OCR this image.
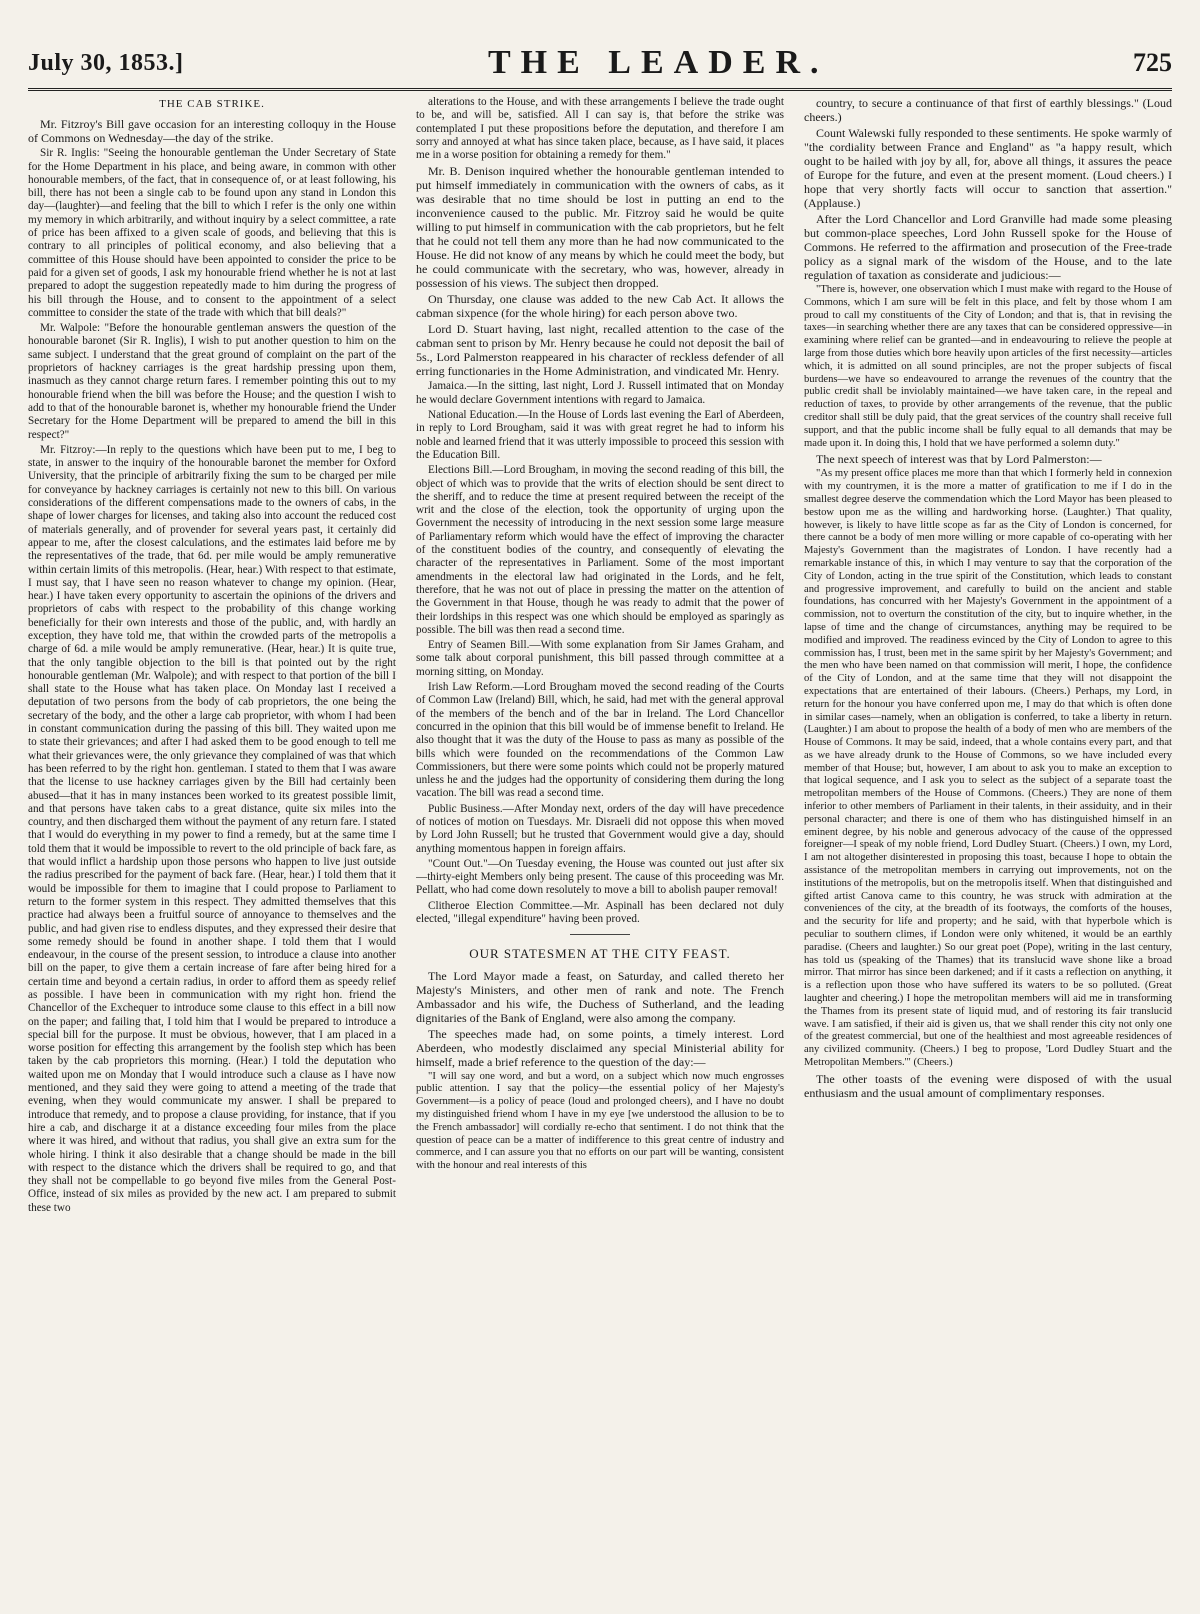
July 30, 1853.]	THE LEADER.	725
THE CAB STRIKE.

Mr. Fitzroy's Bill gave occasion for an interesting colloquy in the House of Commons on Wednesday—the day of the strike.

Sir R. Inglis: "Seeing the honourable gentleman the Under Secretary of State for the Home Department in his place, and being aware, in common with other honourable members, of the fact, that in consequence of, or at least following, his bill, there has not been a single cab to be found upon any stand in London this day—(laughter)—and feeling that the bill to which I refer is the only one within my memory in which arbitrarily, and without inquiry by a select committee, a rate of price has been affixed to a given scale of goods, and believing that this is contrary to all principles of political economy, and also believing that a committee of this House should have been appointed to consider the price to be paid for a given set of goods, I ask my honourable friend whether he is not at last prepared to adopt the suggestion repeatedly made to him during the progress of his bill through the House, and to consent to the appointment of a select committee to consider the state of the trade with which that bill deals?"

Mr. Walpole: "Before the honourable gentleman answers the question of the honourable baronet (Sir R. Inglis), I wish to put another question to him on the same subject. I understand that the great ground of complaint on the part of the proprietors of hackney carriages is the great hardship pressing upon them, inasmuch as they cannot charge return fares. I remember pointing this out to my honourable friend when the bill was before the House; and the question I wish to add to that of the honourable baronet is, whether my honourable friend the Under Secretary for the Home Department will be prepared to amend the bill in this respect?"

Mr. Fitzroy:—In reply to the questions which have been put to me, I beg to state, in answer to the inquiry of the honourable baronet the member for Oxford University, that the principle of arbitrarily fixing the sum to be charged per mile for conveyance by hackney carriages is certainly not new to this bill. On various considerations of the different compensations made to the owners of cabs, in the shape of lower charges for licenses, and taking also into account the reduced cost of materials generally, and of provender for several years past, it certainly did appear to me, after the closest calculations, and the estimates laid before me by the representatives of the trade, that 6d. per mile would be amply remunerative within certain limits of this metropolis. (Hear, hear.) With respect to that estimate, I must say, that I have seen no reason whatever to change my opinion. (Hear, hear.) I have taken every opportunity to ascertain the opinions of the drivers and proprietors of cabs with respect to the probability of this change working beneficially for their own interests and those of the public, and, with hardly an exception, they have told me, that within the crowded parts of the metropolis a charge of 6d. a mile would be amply remunerative. (Hear, hear.) It is quite true, that the only tangible objection to the bill is that pointed out by the right honourable gentleman (Mr. Walpole); and with respect to that portion of the bill I shall state to the House what has taken place. On Monday last I received a deputation of two persons from the body of cab proprietors, the one being the secretary of the body, and the other a large cab proprietor, with whom I had been in constant communication during the passing of this bill. They waited upon me to state their grievances; and after I had asked them to be good enough to tell me what their grievances were, the only grievance they complained of was that which has been referred to by the right hon. gentleman. I stated to them that I was aware that the license to use hackney carriages given by the Bill had certainly been abused—that it has in many instances been worked to its greatest possible limit, and that persons have taken cabs to a great distance, quite six miles into the country, and then discharged them without the payment of any return fare. I stated that I would do everything in my power to find a remedy, but at the same time I told them that it would be impossible to revert to the old principle of back fare, as that would inflict a hardship upon those persons who happen to live just outside the radius prescribed for the payment of back fare. (Hear, hear.) I told them that it would be impossible for them to imagine that I could propose to Parliament to return to the former system in this respect. They admitted themselves that this practice had always been a fruitful source of annoyance to themselves and the public, and had given rise to endless disputes, and they expressed their desire that some remedy should be found in another shape. I told them that I would endeavour, in the course of the present session, to introduce a clause into another bill on the paper, to give them a certain increase of fare after being hired for a certain time and beyond a certain radius, in order to afford them as speedy relief as possible. I have been in communication with my right hon. friend the Chancellor of the Exchequer to introduce some clause to this effect in a bill now on the paper; and failing that, I told him that I would be prepared to introduce a special bill for the purpose. It must be obvious, however, that I am placed in a worse position for effecting this arrangement by the foolish step which has been taken by the cab proprietors this morning. (Hear.) I told the deputation who waited upon me on Monday that I would introduce such a clause as I have now mentioned, and they said they were going to attend a meeting of the trade that evening, when they would communicate my answer. I shall be prepared to introduce that remedy, and to propose a clause providing, for instance, that if you hire a cab, and discharge it at a distance exceeding four miles from the place where it was hired, and without that radius, you shall give an extra sum for the whole hiring. I think it also desirable that a change should be made in the bill with respect to the distance which the drivers shall be required to go, and that they shall not be compellable to go beyond five miles from the General Post-Office, instead of six miles as provided by the new act. I am prepared to submit these two

alterations to the House, and with these arrangements I believe the trade ought to be, and will be, satisfied. All I can say is, that before the strike was contemplated I put these propositions before the deputation, and therefore I am sorry and annoyed at what has since taken place, because, as I have said, it places me in a worse position for obtaining a remedy for them."

Mr. B. Denison inquired whether the honourable gentleman intended to put himself immediately in communication with the owners of cabs, as it was desirable that no time should be lost in putting an end to the inconvenience caused to the public. Mr. Fitzroy said he would be quite willing to put himself in communication with the cab proprietors, but he felt that he could not tell them any more than he had now communicated to the House. He did not know of any means by which he could meet the body, but he could communicate with the secretary, who was, however, already in possession of his views. The subject then dropped.

On Thursday, one clause was added to the new Cab Act. It allows the cabman sixpence (for the whole hiring) for each person above two.

Lord D. Stuart having, last night, recalled attention to the case of the cabman sent to prison by Mr. Henry because he could not deposit the bail of 5s., Lord Palmerston reappeared in his character of reckless defender of all erring functionaries in the Home Administration, and vindicated Mr. Henry.

Jamaica.—In the sitting, last night, Lord J. Russell intimated that on Monday he would declare Government intentions with regard to Jamaica.

National Education.—In the House of Lords last evening the Earl of Aberdeen, in reply to Lord Brougham, said it was with great regret he had to inform his noble and learned friend that it was utterly impossible to proceed this session with the Education Bill.

Elections Bill.—Lord Brougham, in moving the second reading of this bill, the object of which was to provide that the writs of election should be sent direct to the sheriff, and to reduce the time at present required between the receipt of the writ and the close of the election, took the opportunity of urging upon the Government the necessity of introducing in the next session some large measure of Parliamentary reform which would have the effect of improving the character of the constituent bodies of the country, and consequently of elevating the character of the representatives in Parliament. Some of the most important amendments in the electoral law had originated in the Lords, and he felt, therefore, that he was not out of place in pressing the matter on the attention of the Government in that House, though he was ready to admit that the power of their lordships in this respect was one which should be employed as sparingly as possible. The bill was then read a second time.

Entry of Seamen Bill.—With some explanation from Sir James Graham, and some talk about corporal punishment, this bill passed through committee at a morning sitting, on Monday.

Irish Law Reform.—Lord Brougham moved the second reading of the Courts of Common Law (Ireland) Bill, which, he said, had met with the general approval of the members of the bench and of the bar in Ireland. The Lord Chancellor concurred in the opinion that this bill would be of immense benefit to Ireland. He also thought that it was the duty of the House to pass as many as possible of the bills which were founded on the recommendations of the Common Law Commissioners, but there were some points which could not be properly matured unless he and the judges had the opportunity of considering them during the long vacation. The bill was read a second time.

Public Business.—After Monday next, orders of the day will have precedence of notices of motion on Tuesdays. Mr. Disraeli did not oppose this when moved by Lord John Russell; but he trusted that Government would give a day, should anything momentous happen in foreign affairs.

"Count Out."—On Tuesday evening, the House was counted out just after six—thirty-eight Members only being present. The cause of this proceeding was Mr. Pellatt, who had come down resolutely to move a bill to abolish pauper removal!

Clitheroe Election Committee.—Mr. Aspinall has been declared not duly elected, "illegal expenditure" having been proved.

OUR STATESMEN AT THE CITY FEAST.

The Lord Mayor made a feast, on Saturday, and called thereto her Majesty's Ministers, and other men of rank and note. The French Ambassador and his wife, the Duchess of Sutherland, and the leading dignitaries of the Bank of England, were also among the company.

The speeches made had, on some points, a timely interest. Lord Aberdeen, who modestly disclaimed any special Ministerial ability for himself, made a brief reference to the question of the day:—

"I will say one word, and but a word, on a subject which now much engrosses public attention. I say that the policy—the essential policy of her Majesty's Government—is a policy of peace (loud and prolonged cheers), and I have no doubt my distinguished friend whom I have in my eye [we understood the allusion to be to the French ambassador] will cordially re-echo that sentiment. I do not think that the question of peace can be a matter of indifference to this great centre of industry and commerce, and I can assure you that no efforts on our part will be wanting, consistent with the honour and real interests of this

country, to secure a continuance of that first of earthly blessings." (Loud cheers.)

Count Walewski fully responded to these sentiments. He spoke warmly of "the cordiality between France and England" as "a happy result, which ought to be hailed with joy by all, for, above all things, it assures the peace of Europe for the future, and even at the present moment. (Loud cheers.) I hope that very shortly facts will occur to sanction that assertion." (Applause.)

After the Lord Chancellor and Lord Granville had made some pleasing but common-place speeches, Lord John Russell spoke for the House of Commons. He referred to the affirmation and prosecution of the Free-trade policy as a signal mark of the wisdom of the House, and to the late regulation of taxation as considerate and judicious:—

"There is, however, one observation which I must make with regard to the House of Commons, which I am sure will be felt in this place, and felt by those whom I am proud to call my constituents of the City of London; and that is, that in revising the taxes—in searching whether there are any taxes that can be considered oppressive—in examining where relief can be granted—and in endeavouring to relieve the people at large from those duties which bore heavily upon articles of the first necessity—articles which, it is admitted on all sound principles, are not the proper subjects of fiscal burdens—we have so endeavoured to arrange the revenues of the country that the public credit shall be inviolably maintained—we have taken care, in the repeal and reduction of taxes, to provide by other arrangements of the revenue, that the public creditor shall still be duly paid, that the great services of the country shall receive full support, and that the public income shall be fully equal to all demands that may be made upon it. In doing this, I hold that we have performed a solemn duty."

The next speech of interest was that by Lord Palmerston:—

"As my present office places me more than that which I formerly held in connexion with my countrymen, it is the more a matter of gratification to me if I do in the smallest degree deserve the commendation which the Lord Mayor has been pleased to bestow upon me as the willing and hardworking horse. (Laughter.) That quality, however, is likely to have little scope as far as the City of London is concerned, for there cannot be a body of men more willing or more capable of co-operating with her Majesty's Government than the magistrates of London. I have recently had a remarkable instance of this, in which I may venture to say that the corporation of the City of London, acting in the true spirit of the Constitution, which leads to constant and progressive improvement, and carefully to build on the ancient and stable foundations, has concurred with her Majesty's Government in the appointment of a commission, not to overturn the constitution of the city, but to inquire whether, in the lapse of time and the change of circumstances, anything may be required to be modified and improved. The readiness evinced by the City of London to agree to this commission has, I trust, been met in the same spirit by her Majesty's Government; and the men who have been named on that commission will merit, I hope, the confidence of the City of London, and at the same time that they will not disappoint the expectations that are entertained of their labours. (Cheers.) Perhaps, my Lord, in return for the honour you have conferred upon me, I may do that which is often done in similar cases—namely, when an obligation is conferred, to take a liberty in return. (Laughter.) I am about to propose the health of a body of men who are members of the House of Commons. It may be said, indeed, that a whole contains every part, and that as we have already drunk to the House of Commons, so we have included every member of that House; but, however, I am about to ask you to make an exception to that logical sequence, and I ask you to select as the subject of a separate toast the metropolitan members of the House of Commons. (Cheers.) They are none of them inferior to other members of Parliament in their talents, in their assiduity, and in their personal character; and there is one of them who has distinguished himself in an eminent degree, by his noble and generous advocacy of the cause of the oppressed foreigner—I speak of my noble friend, Lord Dudley Stuart. (Cheers.) I own, my Lord, I am not altogether disinterested in proposing this toast, because I hope to obtain the assistance of the metropolitan members in carrying out improvements, not on the institutions of the metropolis, but on the metropolis itself. When that distinguished and gifted artist Canova came to this country, he was struck with admiration at the conveniences of the city, at the breadth of its footways, the comforts of the houses, and the security for life and property; and he said, with that hyperbole which is peculiar to southern climes, if London were only whitened, it would be an earthly paradise. (Cheers and laughter.) So our great poet (Pope), writing in the last century, has told us (speaking of the Thames) that its translucid wave shone like a broad mirror. That mirror has since been darkened; and if it casts a reflection on anything, it is a reflection upon those who have suffered its waters to be so polluted. (Great laughter and cheering.) I hope the metropolitan members will aid me in transforming the Thames from its present state of liquid mud, and of restoring its fair translucid wave. I am satisfied, if their aid is given us, that we shall render this city not only one of the greatest commercial, but one of the healthiest and most agreeable residences of any civilized community. (Cheers.) I beg to propose, 'Lord Dudley Stuart and the Metropolitan Members.'" (Cheers.)

The other toasts of the evening were disposed of with the usual enthusiasm and the usual amount of complimentary responses.
